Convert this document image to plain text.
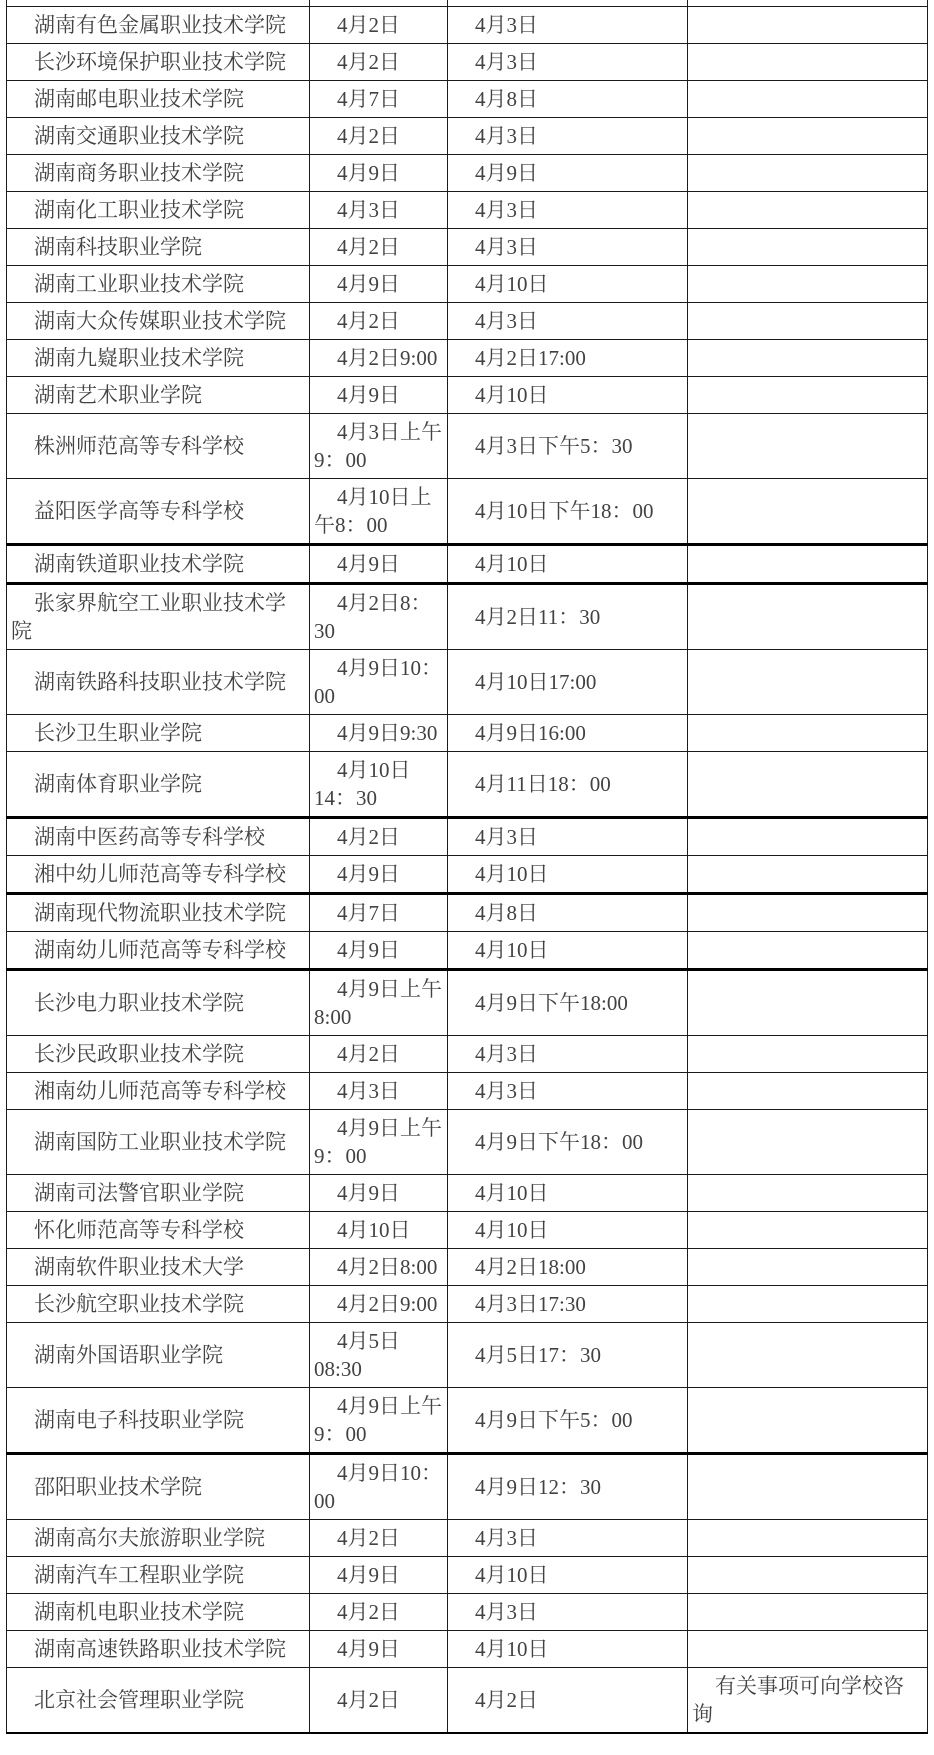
湖南有色金属职业技术学院	4月2日	4月3日	

长沙环境保护职业技术学院	4月2日	4月3日	

湖南邮电职业技术学院	4月7日	4月8日	

湖南交通职业技术学院	4月2日	4月3日	

湖南商务职业技术学院	4月9日	4月9日	

湖南化工职业技术学院	4月3日	4月3日	

湖南科技职业学院	4月2日	4月3日	

湖南工业职业技术学院	4月9日	4月10日	

湖南大众传媒职业技术学院	4月2日	4月3日	

湖南九嶷职业技术学院	4月2日9:00	4月2日17:00	

湖南艺术职业学院	4月9日	4月10日	

株洲师范高等专科学校	4月3日上午9：00	4月3日下午5：30	

益阳医学高等专科学校	4月10日上午8：00	4月10日下午18：00	

湖南铁道职业技术学院	4月9日	4月10日	

张家界航空工业职业技术学院	4月2日8：30	4月2日11：30	

湖南铁路科技职业技术学院	4月9日10：00	4月10日17:00	

长沙卫生职业学院	4月9日9:30	4月9日16:00	

湖南体育职业学院	4月10日14：30	4月11日18：00	

湖南中医药高等专科学校	4月2日	4月3日	

湘中幼儿师范高等专科学校	4月9日	4月10日	

湖南现代物流职业技术学院	4月7日	4月8日	

湖南幼儿师范高等专科学校	4月9日	4月10日	

长沙电力职业技术学院	4月9日上午8:00	4月9日下午18:00	

长沙民政职业技术学院	4月2日	4月3日	

湘南幼儿师范高等专科学校	4月3日	4月3日	

湖南国防工业职业技术学院	4月9日上午9：00	4月9日下午18：00	

湖南司法警官职业学院	4月9日	4月10日	

怀化师范高等专科学校	4月10日	4月10日	

湖南软件职业技术大学	4月2日8:00	4月2日18:00	

长沙航空职业技术学院	4月2日9:00	4月3日17:30	

湖南外国语职业学院	4月5日08:30	4月5日17：30	

湖南电子科技职业学院	4月9日上午9：00	4月9日下午5：00	

邵阳职业技术学院	4月9日10：00	4月9日12：30	

湖南高尔夫旅游职业学院	4月2日	4月3日	

湖南汽车工程职业学院	4月9日	4月10日	

湖南机电职业技术学院	4月2日	4月3日	

湖南高速铁路职业技术学院	4月9日	4月10日	

北京社会管理职业学院	4月2日	4月2日	有关事项可向学校咨询
